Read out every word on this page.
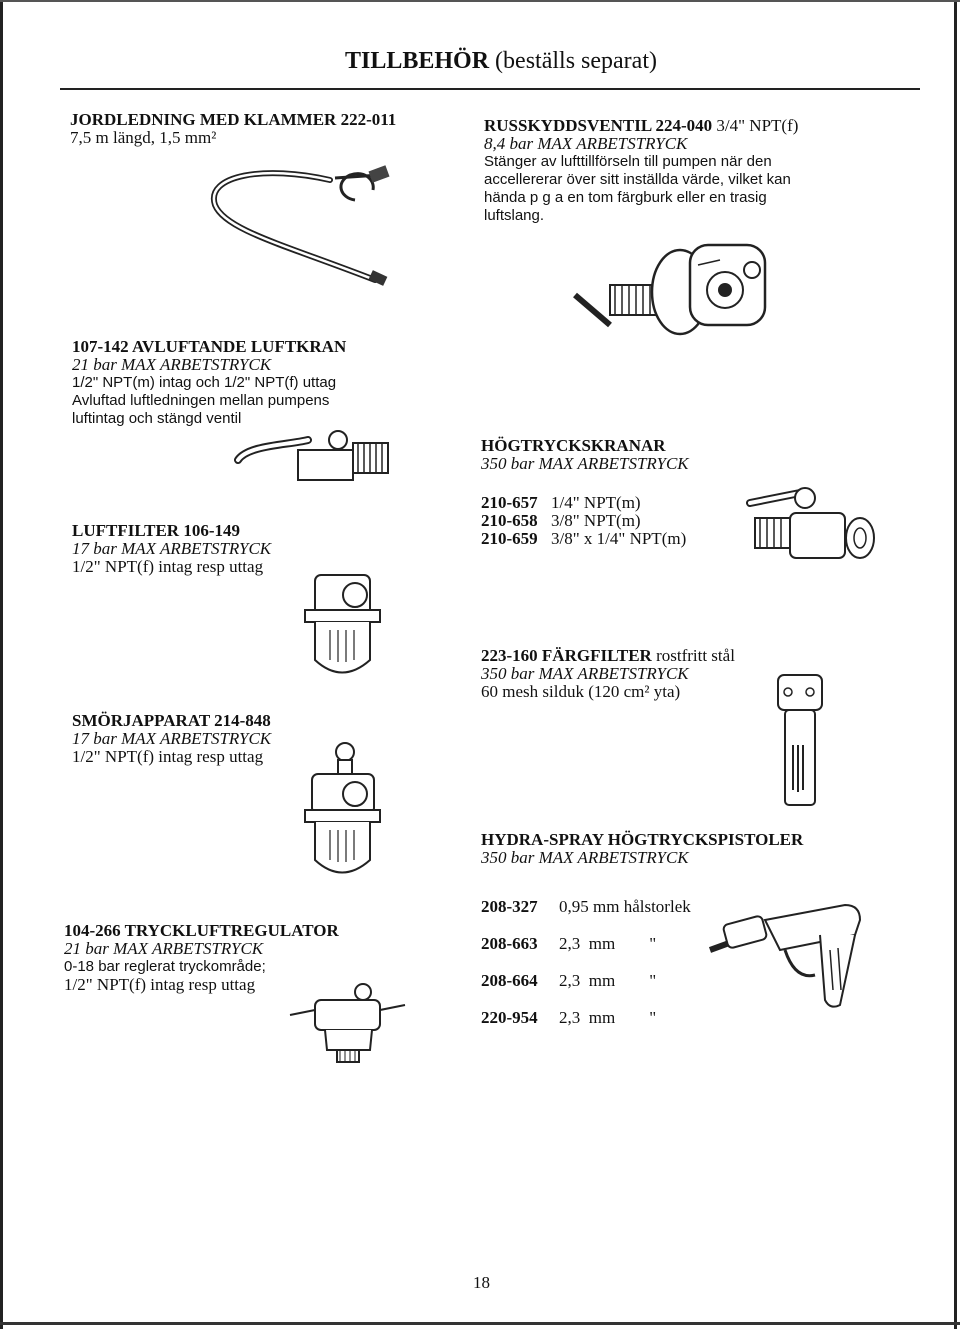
TILLBEHÖR (beställs separat)
JORDLEDNING MED KLAMMER 222-011
7,5 m längd, 1,5 mm²
RUSSKYDDSVENTIL 224-040 3/4" NPT(f)
8,4 bar MAX ARBETSTRYCK
Stänger av lufttillförseln till pumpen när den
accellererar över sitt inställda värde, vilket kan
hända p g a en tom färgburk eller en trasig
luftslang.
107-142 AVLUFTANDE LUFTKRAN
21 bar MAX ARBETSTRYCK
1/2" NPT(m) intag och 1/2" NPT(f) uttag
Avluftad luftledningen mellan pumpens
luftintag och stängd ventil
HÖGTRYCKSKRANAR
350 bar MAX ARBETSTRYCK
210-657 1/4" NPT(m)
210-658 3/8" NPT(m)
210-659 3/8" x 1/4" NPT(m)
LUFTFILTER 106-149
17 bar MAX ARBETSTRYCK
1/2" NPT(f) intag resp uttag
223-160 FÄRGFILTER rostfritt stål
350 bar MAX ARBETSTRYCK
60 mesh silduk (120 cm² yta)
SMÖRJAPPARAT 214-848
17 bar MAX ARBETSTRYCK
1/2" NPT(f) intag resp uttag
HYDRA-SPRAY HÖGTRYCKSPISTOLER
350 bar MAX ARBETSTRYCK
208-327 0,95 mm hålstorlek
208-663 2,3  mm        "
208-664 2,3  mm        "
220-954 2,3  mm        "
104-266 TRYCKLUFTREGULATOR
21 bar MAX ARBETSTRYCK
0-18 bar reglerat tryckområde;
1/2" NPT(f) intag resp uttag
18
